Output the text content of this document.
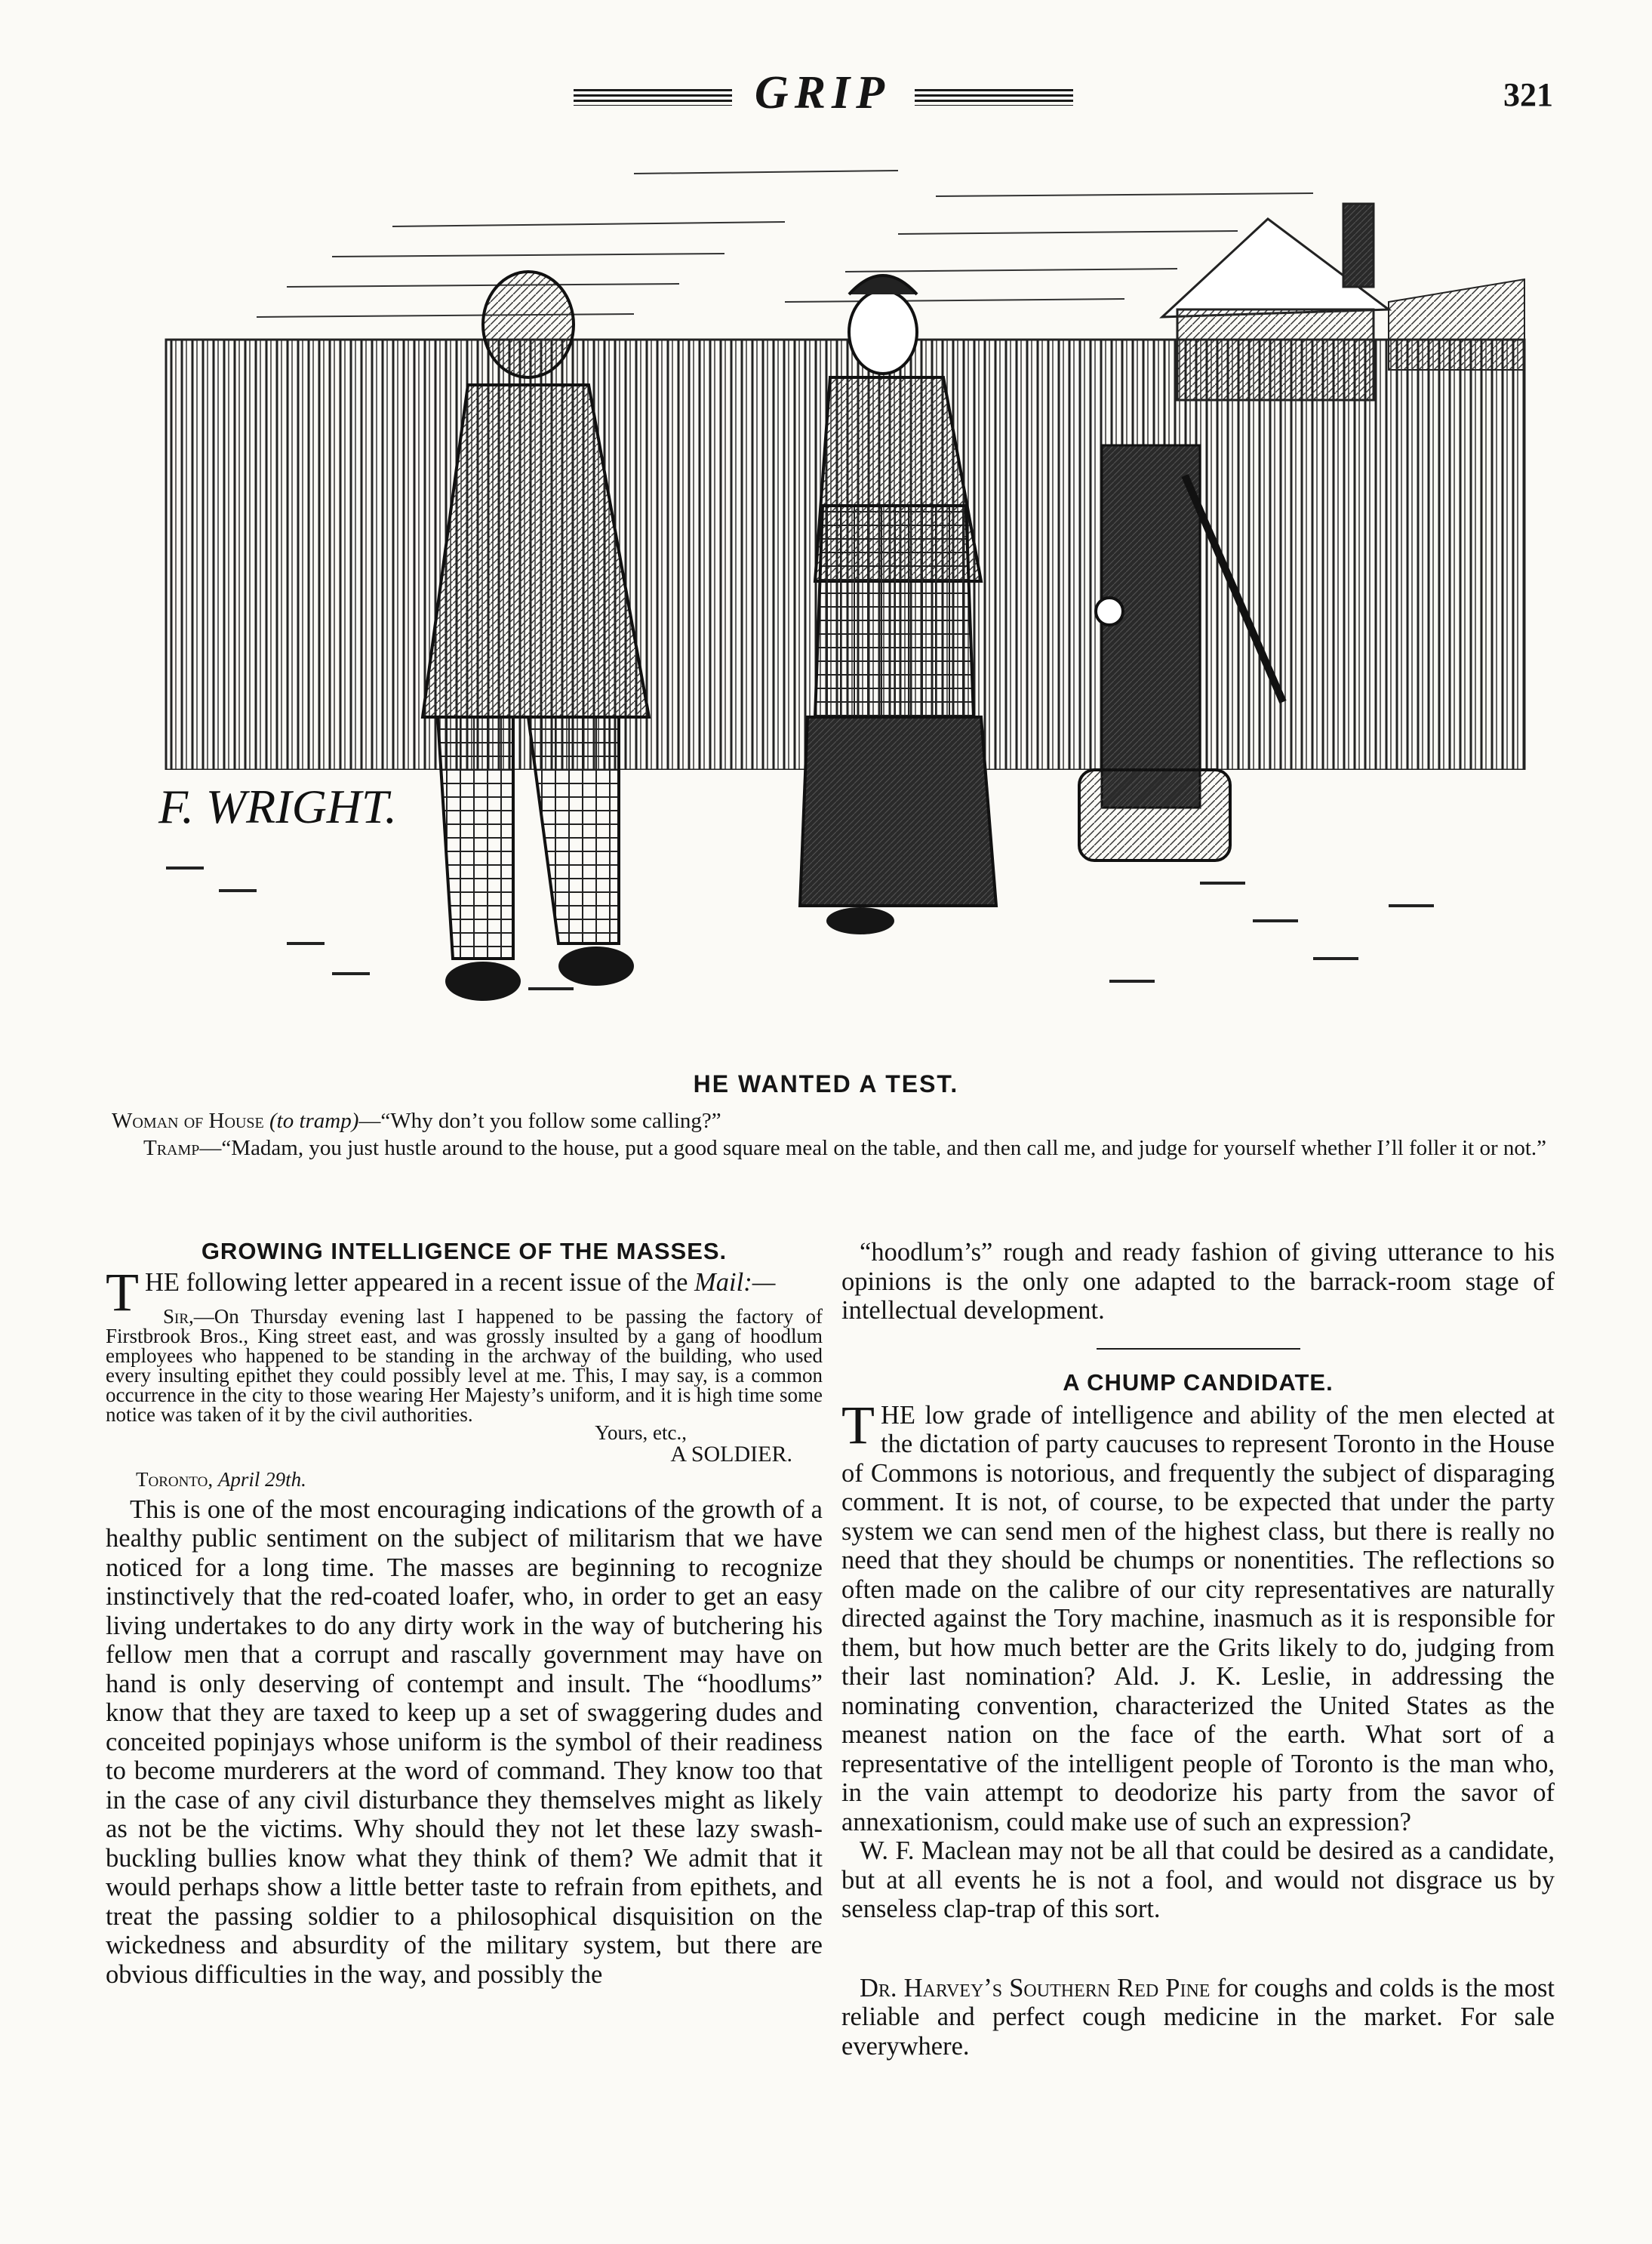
GRIP	321
F. WRIGHT.
HE WANTED A TEST.
Woman of House (to tramp)—“Why don’t you follow some calling?”
Tramp—“Madam, you just hustle around to the house, put a good square meal on the table, and then call me, and judge for yourself whether I’ll foller it or not.”
GROWING INTELLIGENCE OF THE MASSES.

THE following letter appeared in a recent issue of the Mail:—

Sir,—On Thursday evening last I happened to be passing the factory of Firstbrook Bros., King street east, and was grossly insulted by a gang of hoodlum employees who happened to be standing in the archway of the building, who used every insulting epithet they could possibly level at me. This, I may say, is a common occurrence in the city to those wearing Her Majesty’s uniform, and it is high time some notice was taken of it by the civil authorities.

Yours, etc.,
A SOLDIER.
Toronto, April 29th.

This is one of the most encouraging indications of the growth of a healthy public sentiment on the subject of militarism that we have noticed for a long time. The masses are beginning to recognize instinctively that the red-coated loafer, who, in order to get an easy living undertakes to do any dirty work in the way of butchering his fellow men that a corrupt and rascally government may have on hand is only deserving of contempt and insult. The “hoodlums” know that they are taxed to keep up a set of swaggering dudes and conceited popinjays whose uniform is the symbol of their readiness to become murderers at the word of command. They know too that in the case of any civil disturbance they themselves might as likely as not be the victims. Why should they not let these lazy swash-buckling bullies know what they think of them? We admit that it would perhaps show a little better taste to refrain from epithets, and treat the passing soldier to a philosophical disquisition on the wickedness and absurdity of the military system, but there are obvious difficulties in the way, and possibly the

“hoodlum’s” rough and ready fashion of giving utterance to his opinions is the only one adapted to the barrack-room stage of intellectual development.

A CHUMP CANDIDATE.

THE low grade of intelligence and ability of the men elected at the dictation of party caucuses to represent Toronto in the House of Commons is notorious, and frequently the subject of disparaging comment. It is not, of course, to be expected that under the party system we can send men of the highest class, but there is really no need that they should be chumps or nonentities. The reflections so often made on the calibre of our city representatives are naturally directed against the Tory machine, inasmuch as it is responsible for them, but how much better are the Grits likely to do, judging from their last nomination? Ald. J. K. Leslie, in addressing the nominating convention, characterized the United States as the meanest nation on the face of the earth. What sort of a representative of the intelligent people of Toronto is the man who, in the vain attempt to deodorize his party from the savor of annexationism, could make use of such an expression?

W. F. Maclean may not be all that could be desired as a candidate, but at all events he is not a fool, and would not disgrace us by senseless clap-trap of this sort.

Dr. Harvey’s Southern Red Pine for coughs and colds is the most reliable and perfect cough medicine in the market. For sale everywhere.
